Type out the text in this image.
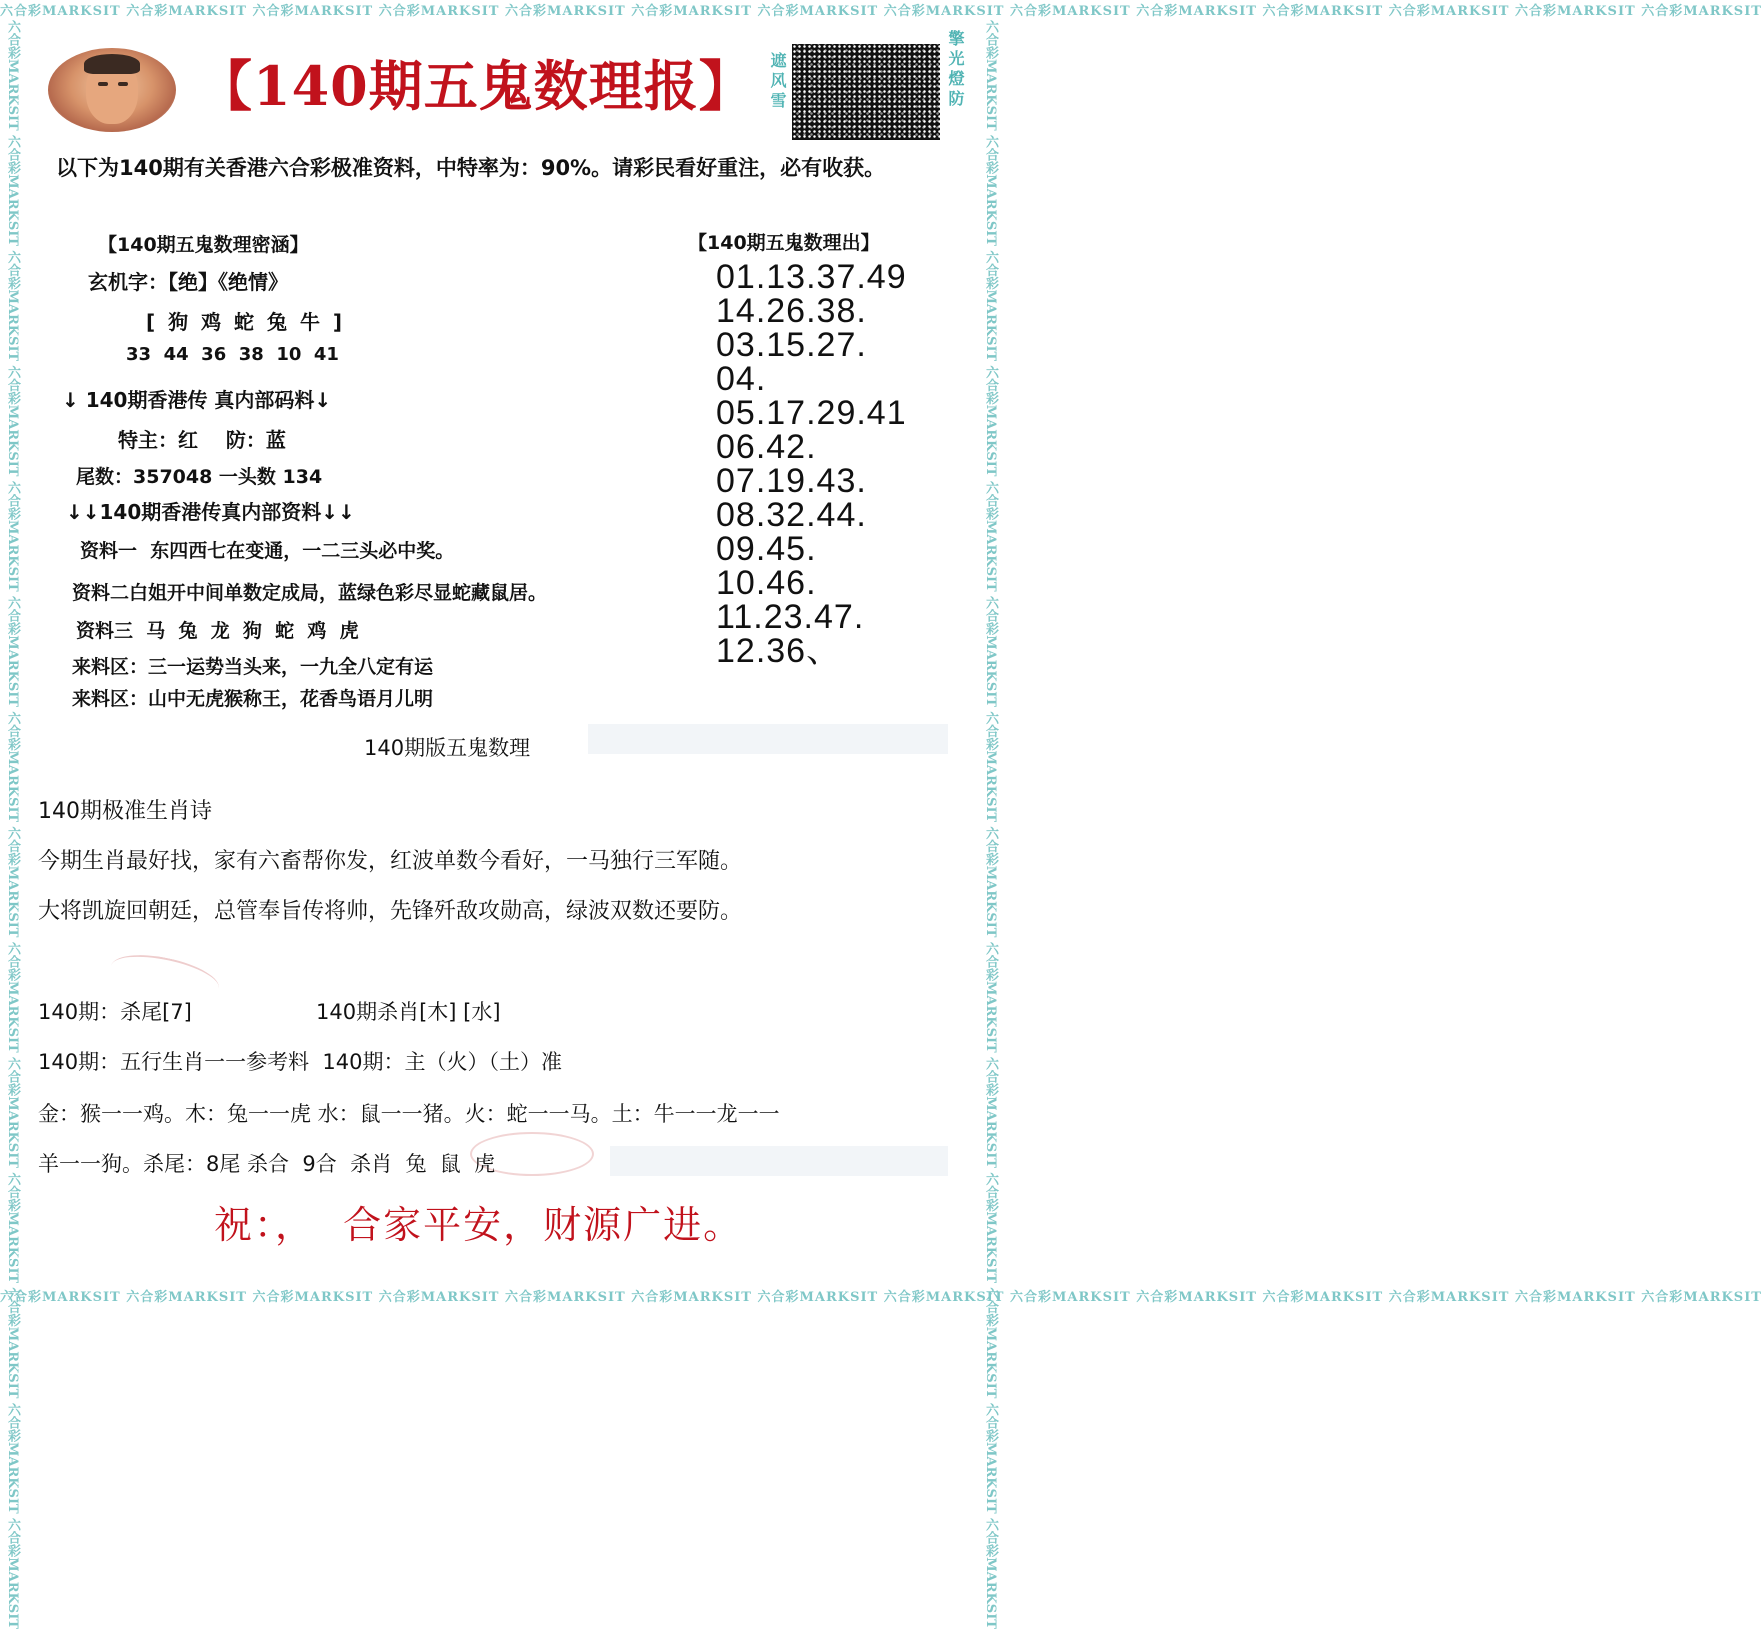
六合彩MARKSIT 六合彩MARKSIT 六合彩MARKSIT 六合彩MARKSIT 六合彩MARKSIT 六合彩MARKSIT 六合彩MARKSIT 六合彩MARKSIT 六合彩MARKSIT 六合彩MARKSIT 六合彩MARKSIT 六合彩MARKSIT 六合彩MARKSIT 六合彩MARKSIT
六合彩MARKSIT 六合彩MARKSIT 六合彩MARKSIT 六合彩MARKSIT 六合彩MARKSIT 六合彩MARKSIT 六合彩MARKSIT 六合彩MARKSIT 六合彩MARKSIT 六合彩MARKSIT 六合彩MARKSIT 六合彩MARKSIT 六合彩MARKSIT 六合彩MARKSIT
六合彩MARKSIT 六合彩MARKSIT 六合彩MARKSIT 六合彩MARKSIT 六合彩MARKSIT 六合彩MARKSIT 六合彩MARKSIT 六合彩MARKSIT 六合彩MARKSIT 六合彩MARKSIT 六合彩MARKSIT 六合彩MARKSIT 六合彩MARKSIT 六合彩MARKSIT	六合彩MARKSIT 六合彩MARKSIT 六合彩MARKSIT 六合彩MARKSIT 六合彩MARKSIT 六合彩MARKSIT 六合彩MARKSIT 六合彩MARKSIT 六合彩MARKSIT 六合彩MARKSIT 六合彩MARKSIT 六合彩MARKSIT 六合彩MARKSIT 六合彩MARKSIT
【140期五鬼数理报】 遮风雪	擎光燈防
以下为140期有关香港六合彩极准资料，中特率为：90%。请彩民看好重注，必有收获。
【140期五鬼数理密涵】
玄机字：【绝】《绝情》
[ 狗 鸡 蛇 兔 牛 ]
33  44  36  38  10  41
↓ 140期香港传 真内部码料↓
特主：红    防：蓝
尾数：357048 一头数 134
↓↓140期香港传真内部资料↓↓
资料一  东四西七在变通，一二三头必中奖。
资料二白姐开中间单数定成局，蓝绿色彩尽显蛇藏鼠居。
资料三  马  兔  龙  狗  蛇  鸡  虎
来料区：三一运势当头来，一九全八定有运
来料区：山中无虎猴称王，花香鸟语月儿明
【140期五鬼数理出】
01.13.37.49
14.26.38.
03.15.27.
04.
05.17.29.41
06.42.
07.19.43.
08.32.44.
09.45.
10.46.
11.23.47.
12.36、
140期版五鬼数理
140期极准生肖诗
今期生肖最好找，家有六畜帮你发，红波单数今看好，一马独行三军随。
大将凯旋回朝廷，总管奉旨传将帅，先锋歼敌攻勋高，绿波双数还要防。
140期：杀尾[7]	140期杀肖[木] [水]
140期：五行生肖一一参考料  140期：主（火）（土）准
金：猴一一鸡。木：兔一一虎 水：鼠一一猪。火：蛇一一马。土：牛一一龙一一
羊一一狗。杀尾：8尾 杀合  9合  杀肖  兔  鼠  虎
祝：，  合家平安，财源广进。
